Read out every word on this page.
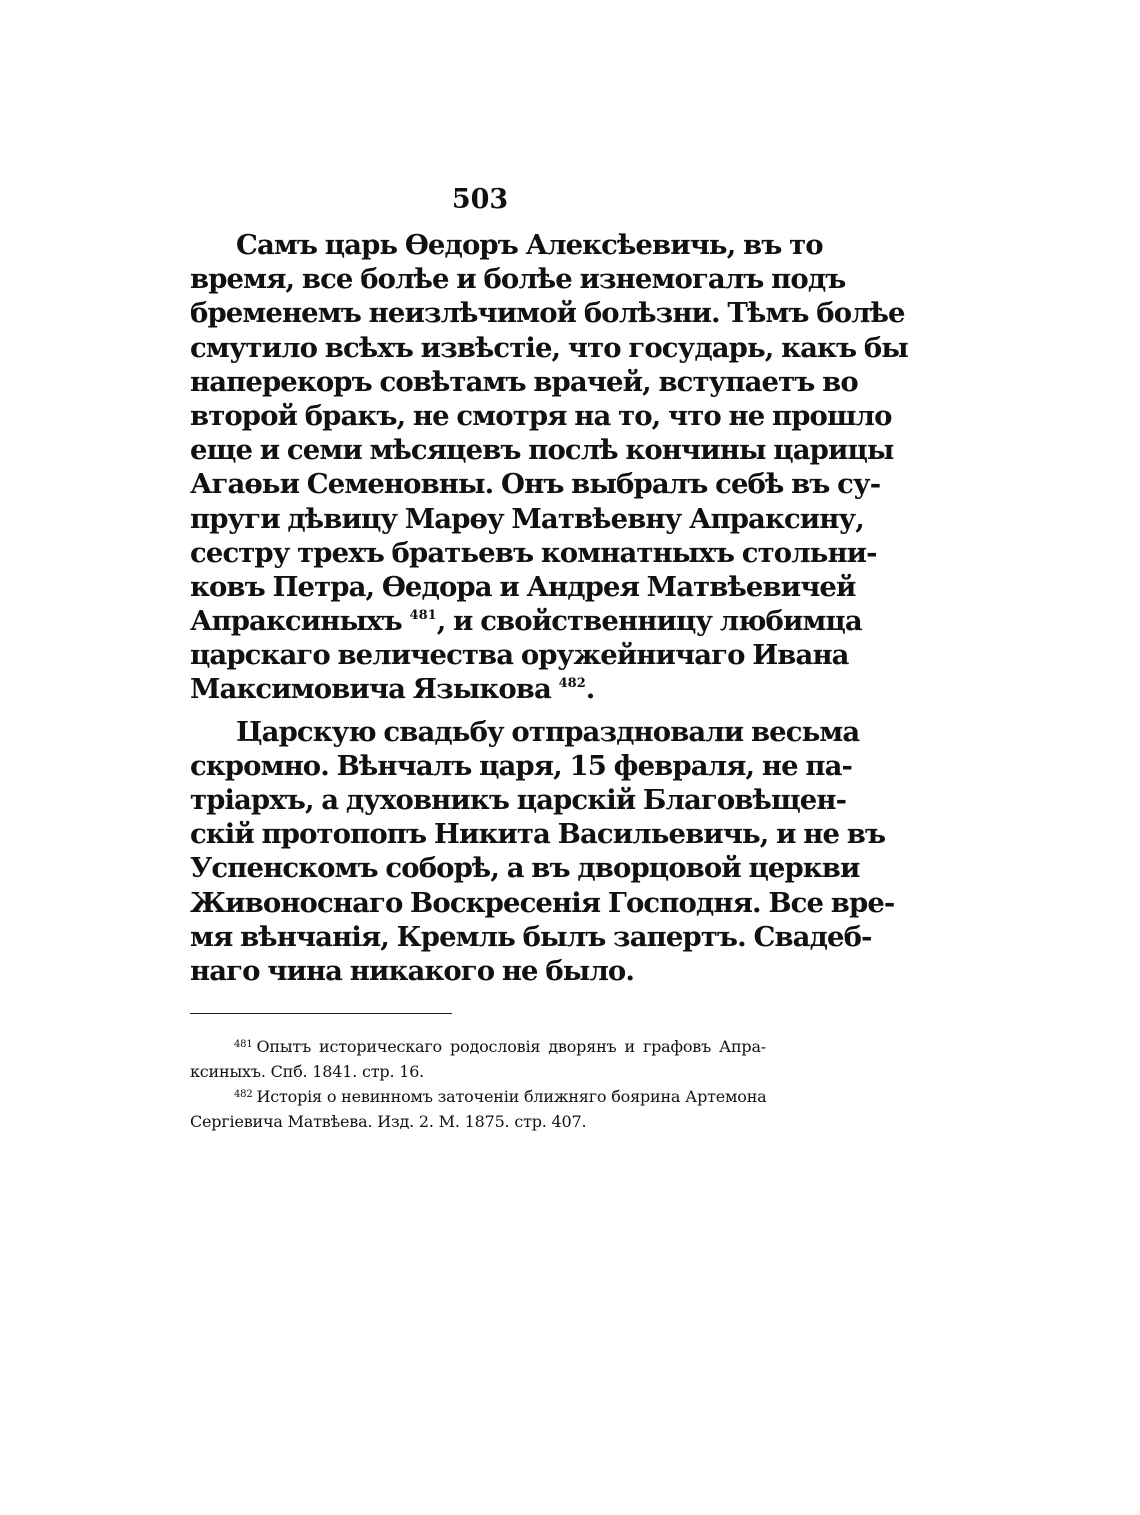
503
Самъ царь Өедоръ Алексѣевичь, въ то
время, все болѣе и болѣе изнемогалъ подъ
бременемъ неизлѣчимой болѣзни. Тѣмъ болѣе
смутило всѣхъ извѣстіе, что государь, какъ бы
наперекоръ совѣтамъ врачей, вступаетъ во
второй бракъ, не смотря на то, что не прошло
еще и семи мѣсяцевъ послѣ кончины царицы
Агаөьи Семеновны. Онъ выбралъ себѣ въ су-
пруги дѣвицу Марөу Матвѣевну Апраксину,
сестру трехъ братьевъ комнатныхъ стольни-
ковъ Петра, Өедора и Андрея Матвѣевичей
Апраксиныхъ $^{481}$, и свойственницу любимца
царскаго величества оружейничаго Ивана
Максимовича Языкова $^{482}$.
Царскую свадьбу отпраздновали весьма
скромно. Вѣнчалъ царя, 15 февраля, не па-
тріархъ, а духовникъ царскій Благовѣщен-
скій протопопъ Никита Васильевичь, и не въ
Успенскомъ соборѣ, а въ дворцовой церкви
Живоноснаго Воскресенія Господня. Все вре-
мя вѣнчанія, Кремль былъ запертъ. Свадеб-
наго чина никакого не было.
$^{481}$ Опытъ историческаго родословія дворянъ и графовъ Апра-
ксиныхъ. Спб. 1841. стр. 16.
$^{482}$ Исторія о невинномъ заточеніи ближняго боярина Артемона
Сергіевича Матвѣева. Изд. 2. М. 1875. стр. 407.
